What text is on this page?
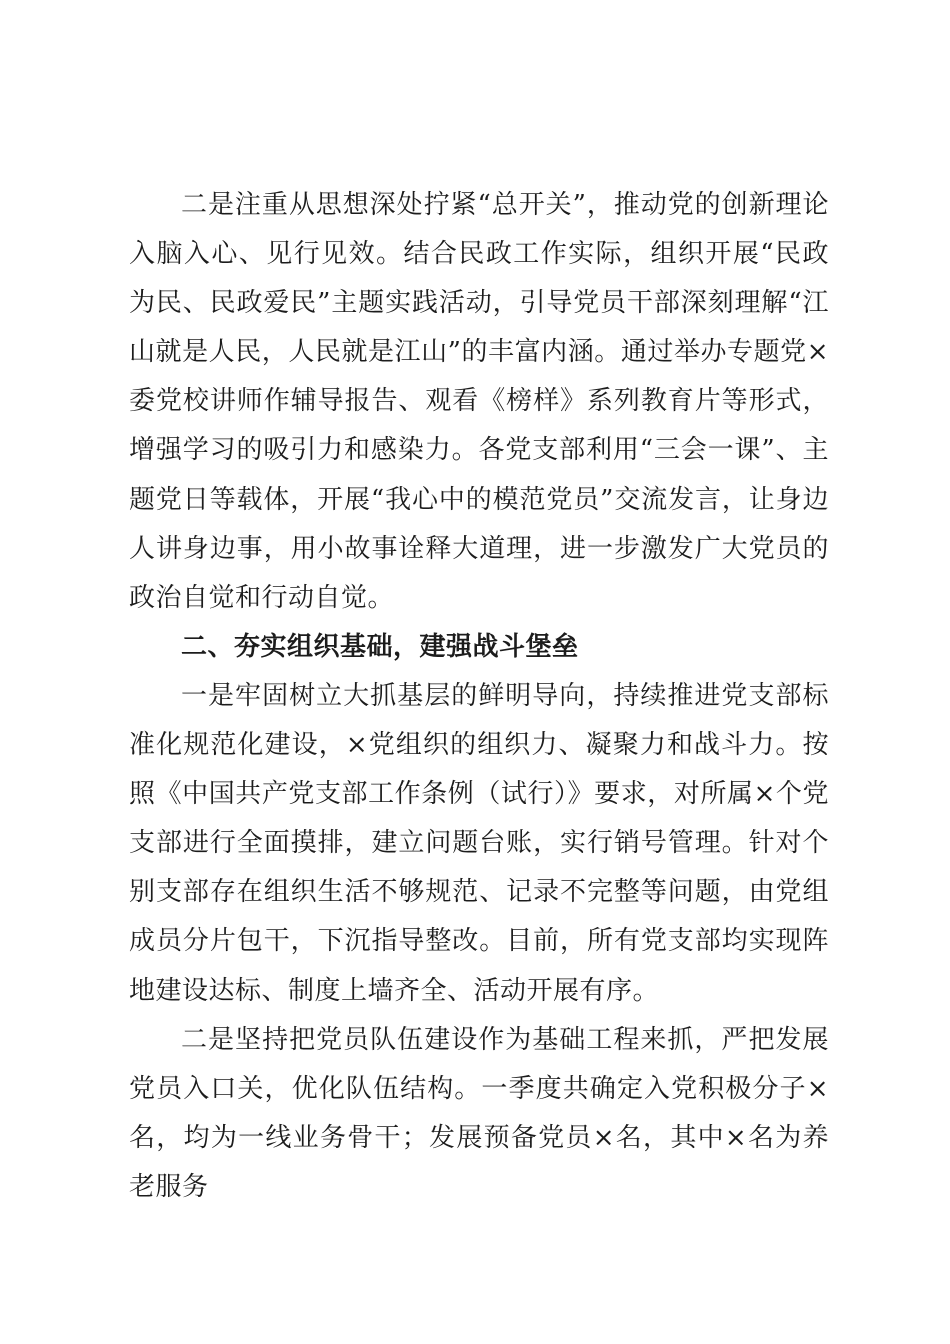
二是注重从思想深处拧紧“总开关”，推动党的创新理论入脑入心、见行见效。结合民政工作实际，组织开展“民政为民、民政爱民”主题实践活动，引导党员干部深刻理解“江山就是人民，人民就是江山”的丰富内涵。通过举办专题党×委党校讲师作辅导报告、观看《榜样》系列教育片等形式，增强学习的吸引力和感染力。各党支部利用“三会一课”、主题党日等载体，开展“我心中的模范党员”交流发言，让身边人讲身边事，用小故事诠释大道理，进一步激发广大党员的政治自觉和行动自觉。

二、夯实组织基础，建强战斗堡垒

一是牢固树立大抓基层的鲜明导向，持续推进党支部标准化规范化建设，×党组织的组织力、凝聚力和战斗力。按照《中国共产党支部工作条例（试行）》要求，对所属×个党支部进行全面摸排，建立问题台账，实行销号管理。针对个别支部存在组织生活不够规范、记录不完整等问题，由党组成员分片包干，下沉指导整改。目前，所有党支部均实现阵地建设达标、制度上墙齐全、活动开展有序。

二是坚持把党员队伍建设作为基础工程来抓，严把发展党员入口关，优化队伍结构。一季度共确定入党积极分子×名，均为一线业务骨干；发展预备党员×名，其中×名为养老服务
